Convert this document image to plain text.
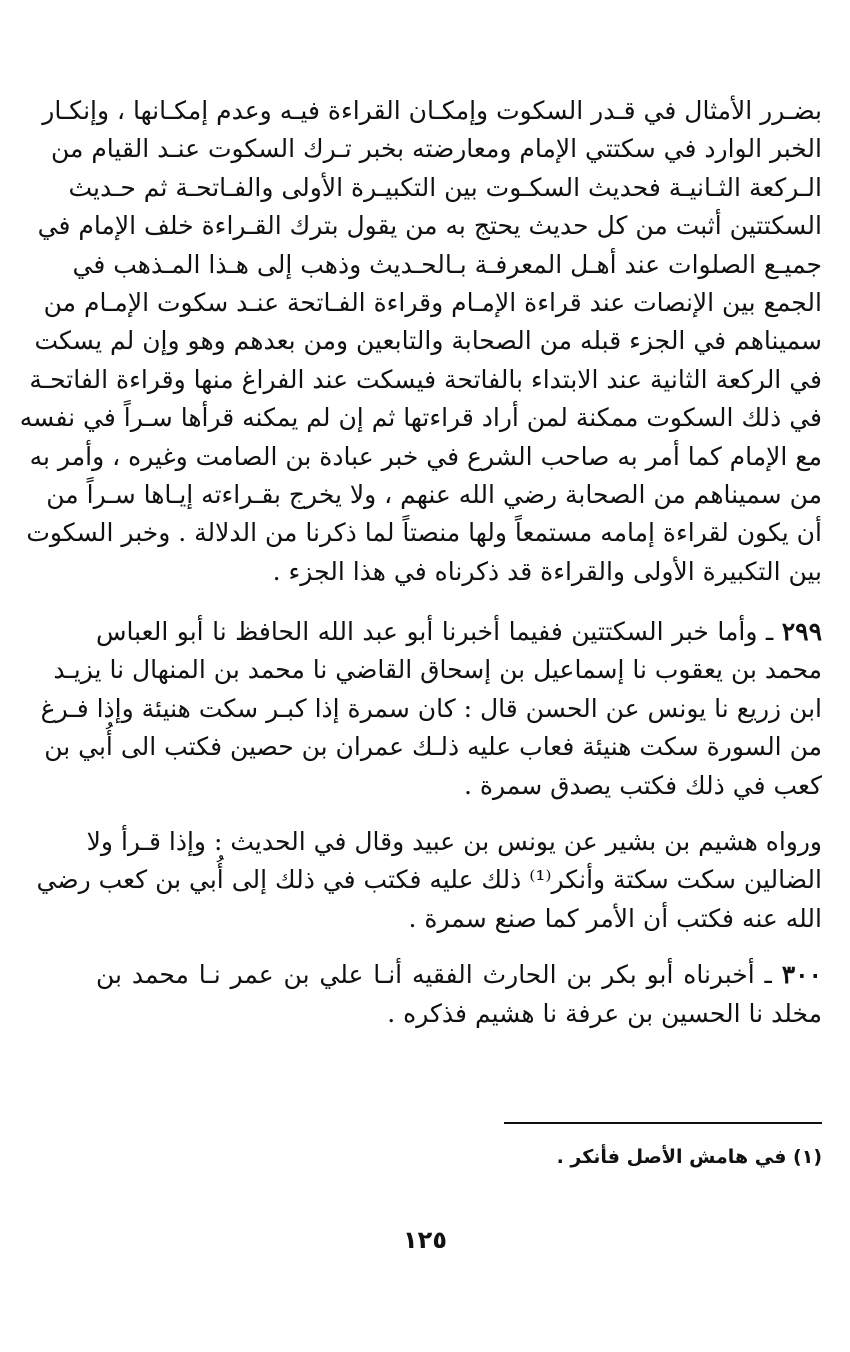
بضـرر الأمثال في قـدر السكوت وإمكـان القراءة فيـه وعدم إمكـانها ، وإنكـار
الخبر الوارد في سكتتي الإمام ومعارضته بخبر تـرك السكوت عنـد القيام من
الـركعة الثـانيـة فحديث السكـوت بين التكبيـرة الأولى والفـاتحـة ثم حـديث
السكتتين أثبت من كل حديث يحتج به من يقول بترك القـراءة خلف الإمام في
جميـع الصلوات عند أهـل المعرفـة بـالحـديث وذهب إلى هـذا المـذهب في
الجمع بين الإنصات عند قراءة الإمـام وقراءة الفـاتحة عنـد سكوت الإمـام من
سميناهم في الجزء قبله من الصحابة والتابعين ومن بعدهم وهو وإن لم يسكت
في الركعة الثانية عند الابتداء بالفاتحة فيسكت عند الفراغ منها وقراءة الفاتحـة
في ذلك السكوت ممكنة لمن أراد قراءتها ثم إن لم يمكنه قرأها سـراً في نفسه
مع الإمام كما أمر به صاحب الشرع في خبر عبادة بن الصامت وغيره ، وأمر به
من سميناهم من الصحابة رضي الله عنهم ، ولا يخرج بقـراءته إيـاها سـراً من
أن يكون لقراءة إمامه مستمعاً ولها منصتاً لما ذكرنا من الدلالة . وخبر السكوت
بين التكبيرة الأولى والقراءة قد ذكرناه في هذا الجزء .
٢٩٩ ـ وأما خبر السكتتين ففيما أخبرنا أبو عبد الله الحافظ نا أبو العباس
محمد بن يعقوب نا إسماعيل بن إسحاق القاضي نا محمد بن المنهال نا يزيـد
ابن زريع نا يونس عن الحسن قال : كان سمرة إذا كبـر سكت هنيئة وإذا فـرغ
من السورة سكت هنيئة فعاب عليه ذلـك عمران بن حصين فكتب الى أُبي بن
كعب في ذلك فكتب يصدق سمرة .
ورواه هشيم بن بشير عن يونس بن عبيد وقال في الحديث : وإذا قـرأ ولا
الضالين سكت سكتة وأنكر⁽¹⁾ ذلك عليه فكتب في ذلك إلى أُبي بن كعب رضي
الله عنه فكتب أن الأمر كما صنع سمرة .
٣٠٠ ـ أخبرناه أبو بكر بن الحارث الفقيه أنـا علي بن عمر نـا محمد بن
مخلد نا الحسين بن عرفة نا هشيم فذكره .
(١) في هامش الأصل فأنكر .
١٢٥
